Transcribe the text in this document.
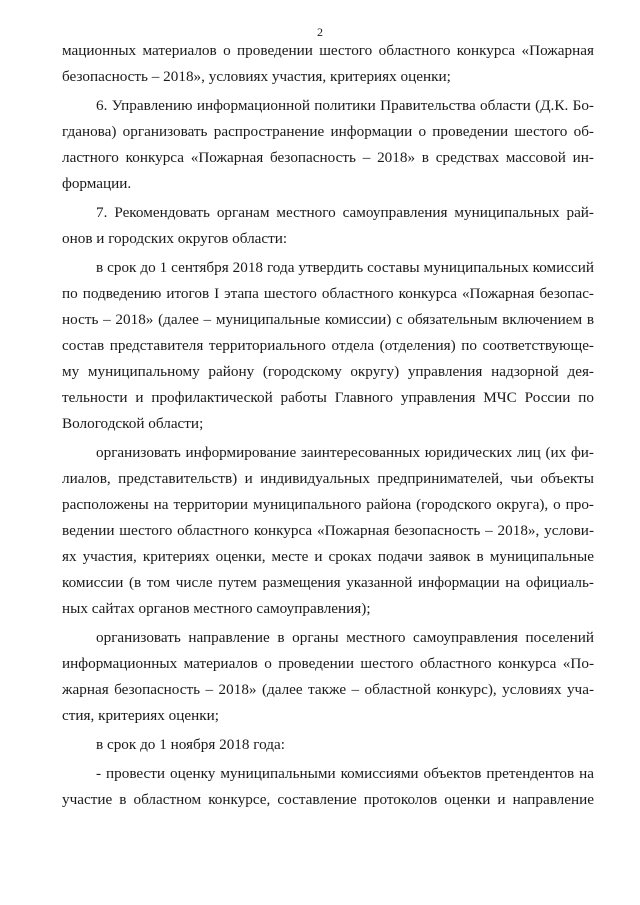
2
мационных материалов о проведении шестого областного конкурса «Пожарная
безопасность – 2018», условиях участия, критериях оценки;
6. Управлению информационной политики Правительства области (Д.К. Бо-
гданова) организовать распространение информации о проведении шестого об-
ластного конкурса «Пожарная безопасность – 2018» в средствах массовой ин-
формации.
7. Рекомендовать органам местного самоуправления муниципальных рай-
онов и городских округов области:
в срок до 1 сентября 2018 года утвердить составы муниципальных комиссий
по подведению итогов I этапа шестого областного конкурса «Пожарная безопас-
ность – 2018» (далее – муниципальные комиссии) с обязательным включением в
состав представителя территориального отдела (отделения) по соответствующе-
му муниципальному району (городскому округу) управления надзорной дея-
тельности и профилактической работы Главного управления МЧС России по
Вологодской области;
организовать информирование заинтересованных юридических лиц (их фи-
лиалов, представительств) и индивидуальных предпринимателей, чьи объекты
расположены на территории муниципального района (городского округа), о про-
ведении шестого областного конкурса «Пожарная безопасность – 2018», услови-
ях участия, критериях оценки, месте и сроках подачи заявок в муниципальные
комиссии (в том числе путем размещения указанной информации на официаль-
ных сайтах органов местного самоуправления);
организовать направление в органы местного самоуправления поселений
информационных материалов о проведении шестого областного конкурса «По-
жарная безопасность – 2018» (далее также – областной конкурс), условиях уча-
стия, критериях оценки;
в срок до 1 ноября 2018 года:
- провести оценку муниципальными комиссиями объектов претендентов на
участие в областном конкурсе, составление протоколов оценки и направление
